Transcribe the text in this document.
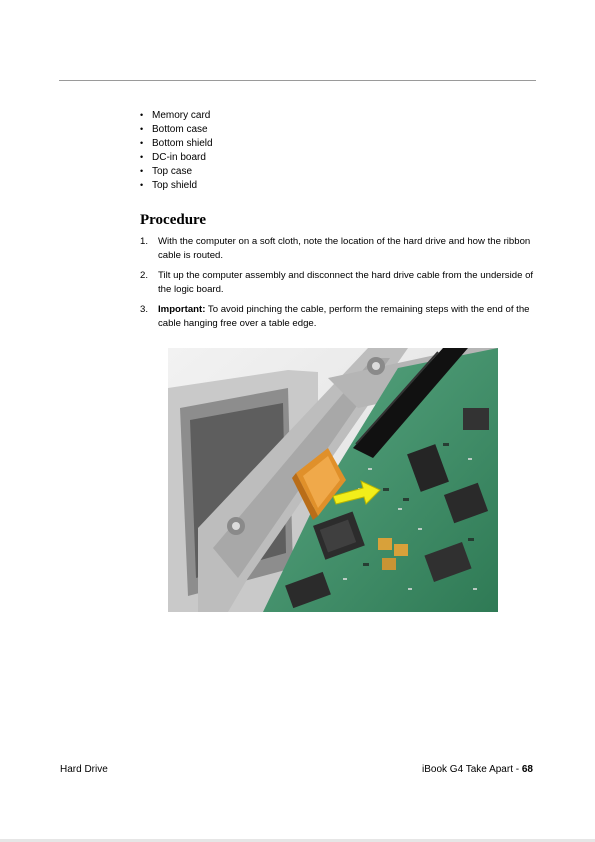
• Memory card
• Bottom case
• Bottom shield
• DC-in board
• Top case
• Top shield
Procedure
1. With the computer on a soft cloth, note the location of the hard drive and how the ribbon cable is routed.
2. Tilt up the computer assembly and disconnect the hard drive cable from the underside of the logic board.
3. Important: To avoid pinching the cable, perform the remaining steps with the end of the cable hanging free over a table edge.
Hard Drive	iBook G4 Take Apart - 68
